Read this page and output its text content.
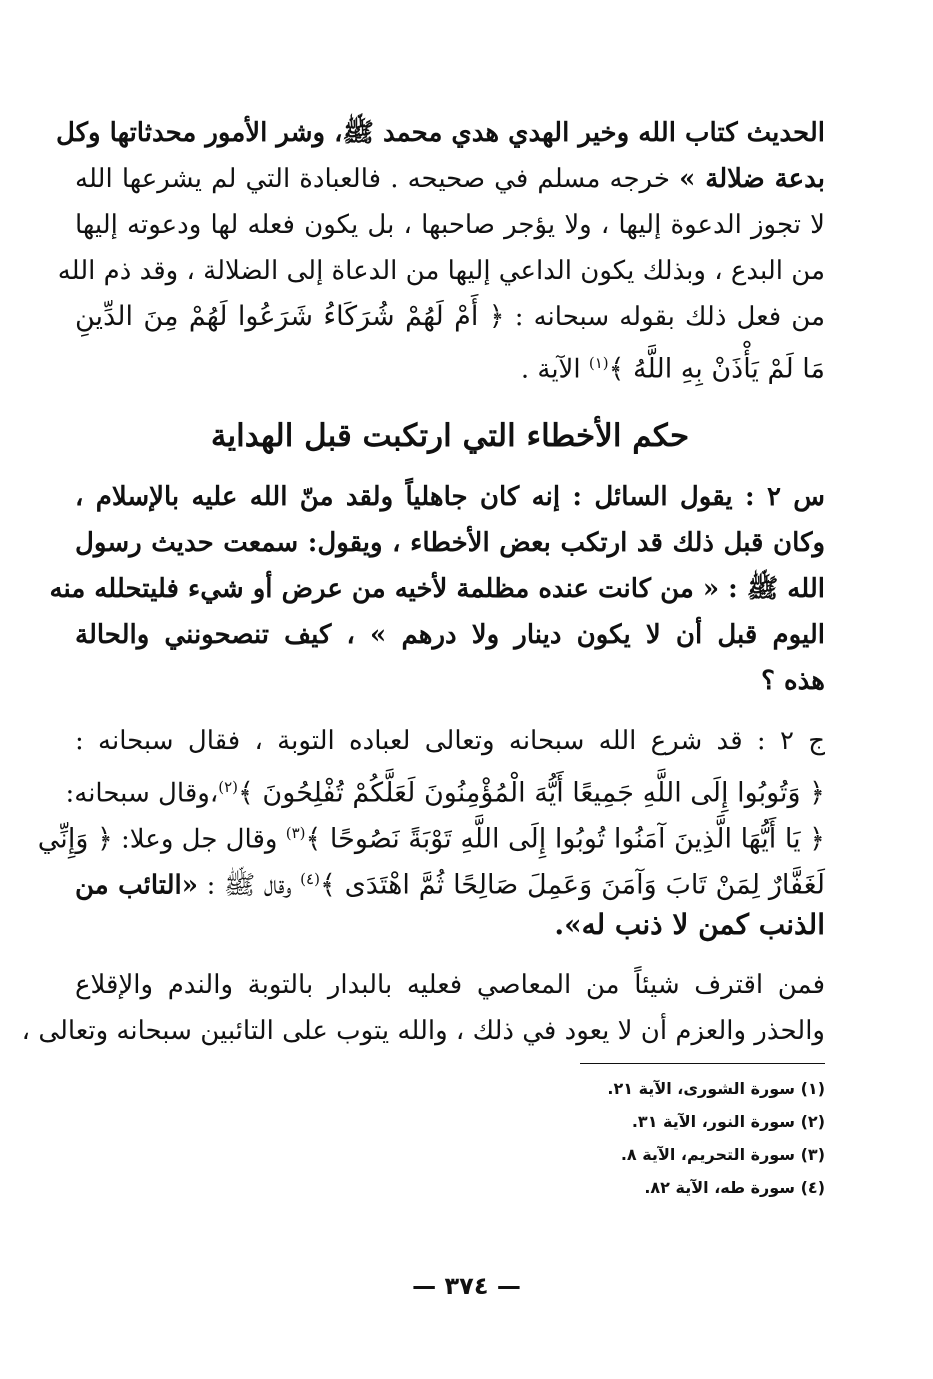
الحديث كتاب الله وخير الهدي هدي محمد ﷺ، وشر الأمور محدثاتها وكل
بدعة ضلالة » خرجه مسلم في صحيحه . فالعبادة التي لم يشرعها الله
لا تجوز الدعوة إليها ، ولا يؤجر صاحبها ، بل يكون فعله لها ودعوته إليها
من البدع ، وبذلك يكون الداعي إليها من الدعاة إلى الضلالة ، وقد ذم الله
من فعل ذلك بقوله سبحانه : ﴿ أَمْ لَهُمْ شُرَكَاءُ شَرَعُوا لَهُمْ مِنَ الدِّينِ
مَا لَمْ يَأْذَنْ بِهِ اللَّهُ ﴾$^{(١)}$ الآية .
حكم الأخطاء التي ارتكبت قبل الهداية
س ٢ : يقول السائل : إنه كان جاهلياً ولقد منّ الله عليه بالإسلام ،
وكان قبل ذلك قد ارتكب بعض الأخطاء ، ويقول: سمعت حديث رسول
الله ﷺ : « من كانت عنده مظلمة لأخيه من عرض أو شيء فليتحلله منه
اليوم قبل أن لا يكون دينار ولا درهم » ، كيف تنصحونني والحالة
هذه ؟
ج ٢ : قد شرع الله سبحانه وتعالى لعباده التوبة ، فقال سبحانه :
﴿ وَتُوبُوا إِلَى اللَّهِ جَمِيعًا أَيُّهَ الْمُؤْمِنُونَ لَعَلَّكُمْ تُفْلِحُونَ ﴾$^{(٢)}$،وقال سبحانه:
﴿ يَا أَيُّهَا الَّذِينَ آمَنُوا تُوبُوا إِلَى اللَّهِ تَوْبَةً نَصُوحًا ﴾$^{(٣)}$ وقال جل وعلا: ﴿ وَإِنِّي
لَغَفَّارٌ لِمَنْ تَابَ وَآمَنَ وَعَمِلَ صَالِحًا ثُمَّ اهْتَدَى ﴾$^{(٤)}$ وقال ﷺ : «التائب من
الذنب كمن لا ذنب له».
فمن اقترف شيئاً من المعاصي فعليه بالبدار بالتوبة والندم والإقلاع
والحذر والعزم أن لا يعود في ذلك ، والله يتوب على التائبين سبحانه وتعالى ،
(١) سورة الشورى، الآية ٢١.
(٢) سورة النور، الآية ٣١.
(٣) سورة التحريم، الآية ٨.
(٤) سورة طه، الآية ٨٢.
— ٣٧٤ —
